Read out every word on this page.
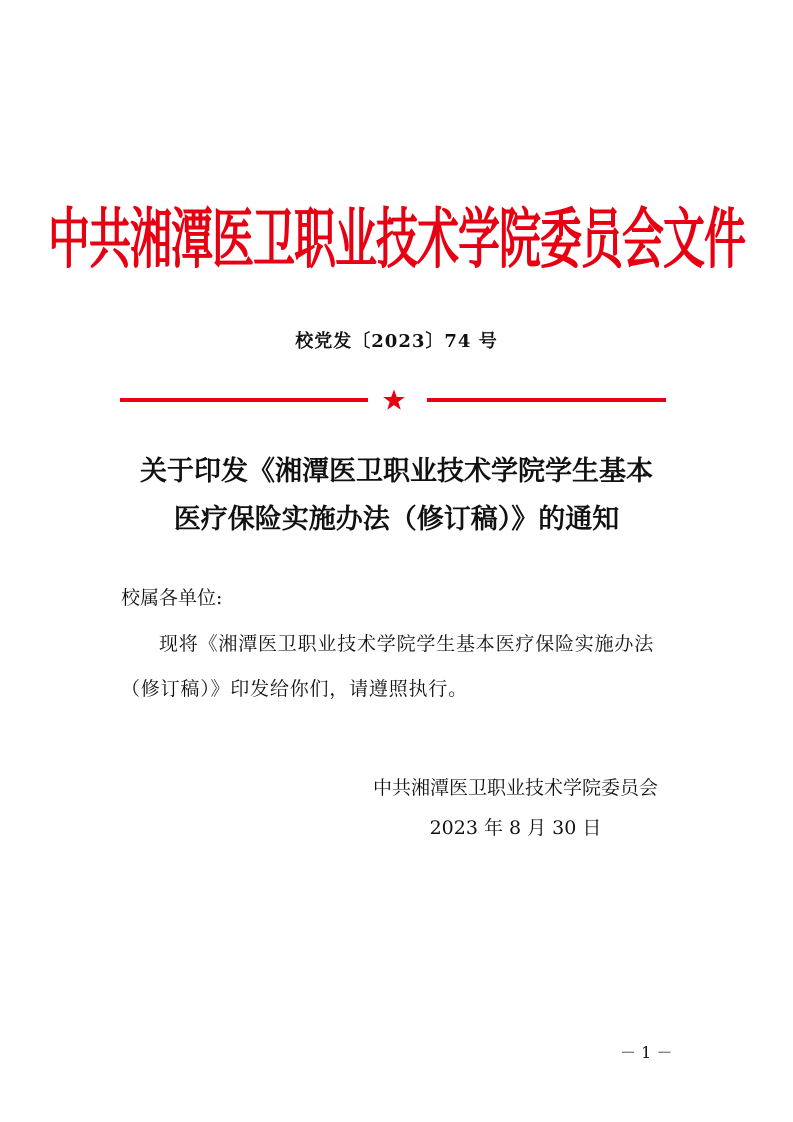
中共湘潭医卫职业技术学院委员会文件
校党发〔2023〕74 号
关于印发《湘潭医卫职业技术学院学生基本
医疗保险实施办法（修订稿）》的通知
校属各单位:
现将《湘潭医卫职业技术学院学生基本医疗保险实施办法（修订稿）》印发给你们，请遵照执行。
中共湘潭医卫职业技术学院委员会
2023 年 8 月 30 日
－ 1 －
